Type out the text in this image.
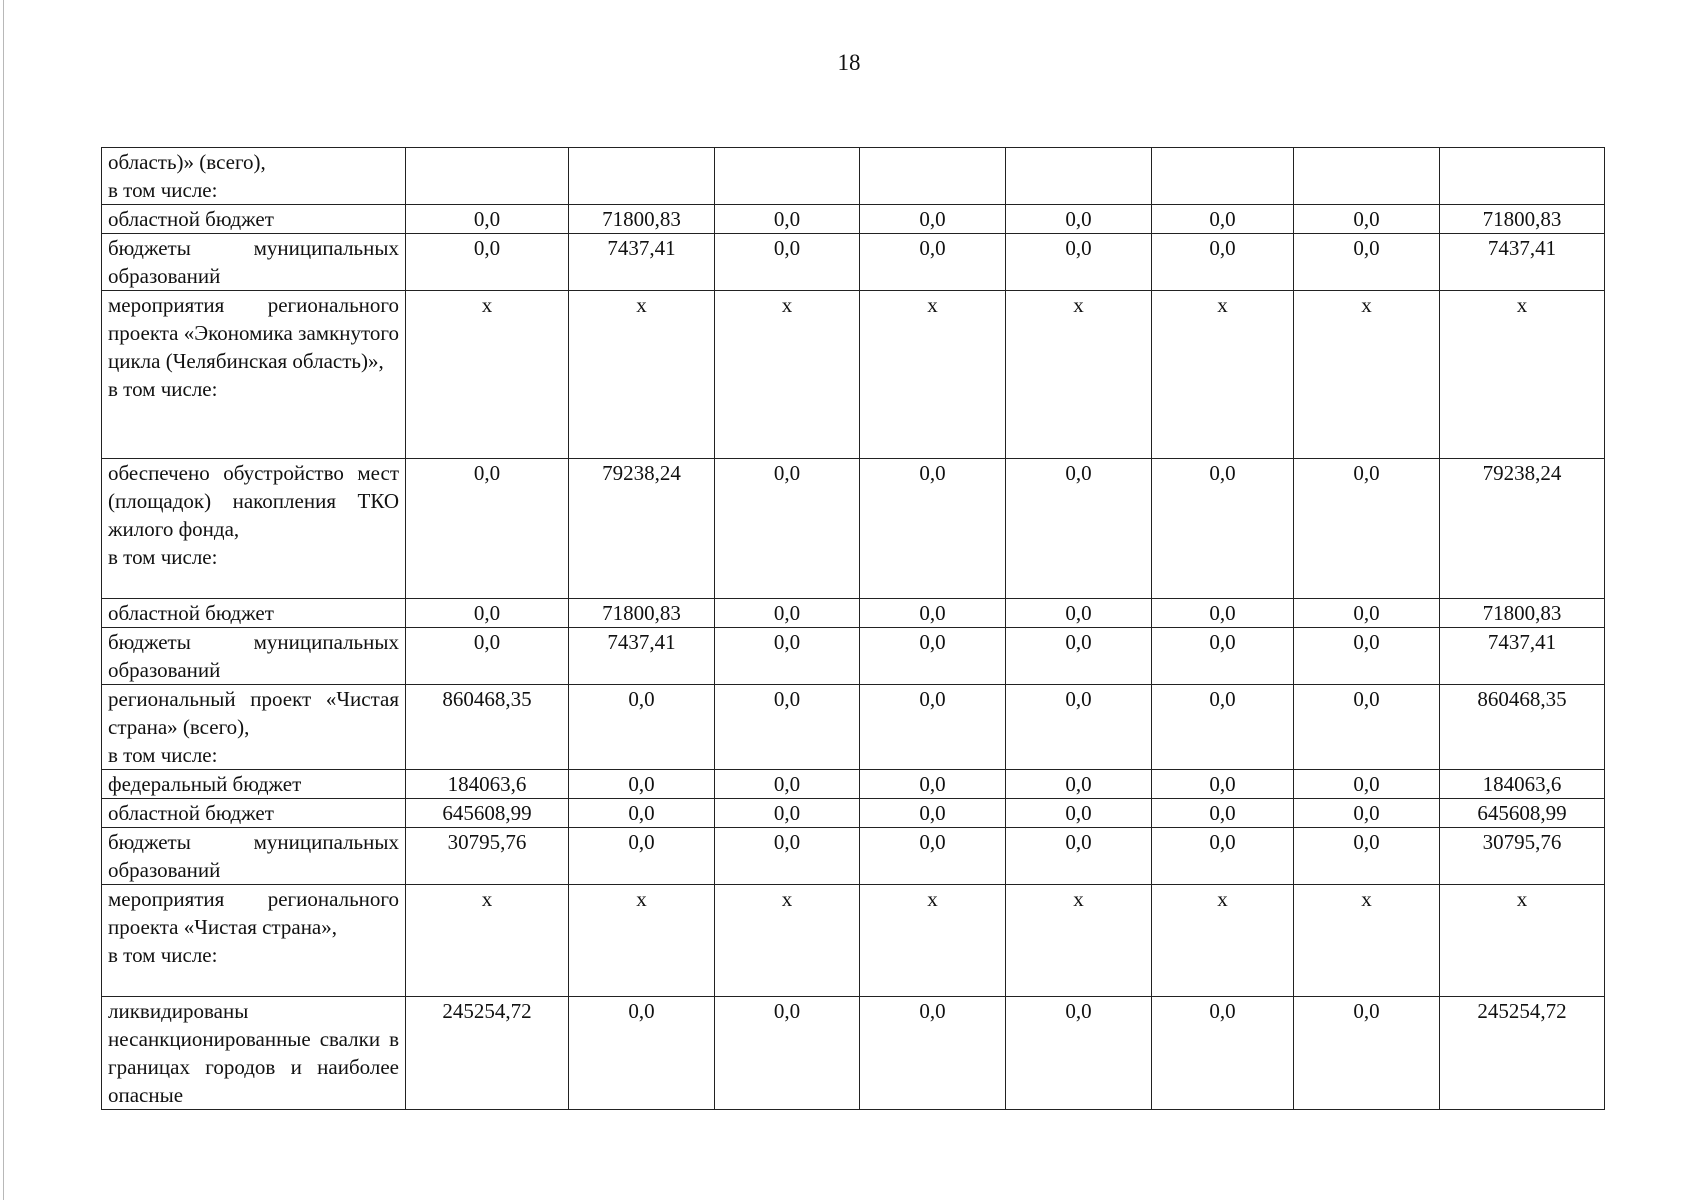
18
область)» (всего),
в том числе:								
областной бюджет	0,0	71800,83	0,0	0,0	0,0	0,0	0,0	71800,83
бюджеты муниципальных образований	0,0	7437,41	0,0	0,0	0,0	0,0	0,0	7437,41
мероприятия регионального проекта «Экономика замкнутого цикла (Челябинская область)»,
в том числе:	x	x	x	x	x	x	x	x
обеспечено обустройство мест (площадок) накопления ТКО жилого фонда,
в том числе:	0,0	79238,24	0,0	0,0	0,0	0,0	0,0	79238,24
областной бюджет	0,0	71800,83	0,0	0,0	0,0	0,0	0,0	71800,83
бюджеты муниципальных образований	0,0	7437,41	0,0	0,0	0,0	0,0	0,0	7437,41
региональный проект «Чистая страна» (всего),
в том числе:	860468,35	0,0	0,0	0,0	0,0	0,0	0,0	860468,35
федеральный бюджет	184063,6	0,0	0,0	0,0	0,0	0,0	0,0	184063,6
областной бюджет	645608,99	0,0	0,0	0,0	0,0	0,0	0,0	645608,99
бюджеты муниципальных образований	30795,76	0,0	0,0	0,0	0,0	0,0	0,0	30795,76
мероприятия регионального проекта «Чистая страна»,
в том числе:	x	x	x	x	x	x	x	x
ликвидированы несанкционированные свалки в границах городов и наиболее опасные	245254,72	0,0	0,0	0,0	0,0	0,0	0,0	245254,72
